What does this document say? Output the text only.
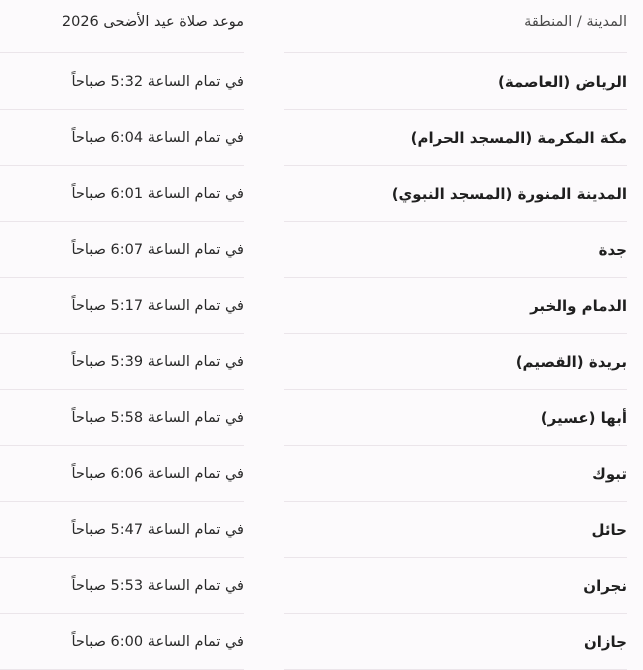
المدينة / المنطقة
موعد صلاة عيد الأضحى 2026
الرياض (العاصمة)
في تمام الساعة 5:32 صباحاً
مكة المكرمة (المسجد الحرام)
في تمام الساعة 6:04 صباحاً
المدينة المنورة (المسجد النبوي)
في تمام الساعة 6:01 صباحاً
جدة
في تمام الساعة 6:07 صباحاً
الدمام والخبر
في تمام الساعة 5:17 صباحاً
بريدة (القصيم)
في تمام الساعة 5:39 صباحاً
أبها (عسير)
في تمام الساعة 5:58 صباحاً
تبوك
في تمام الساعة 6:06 صباحاً
حائل
في تمام الساعة 5:47 صباحاً
نجران
في تمام الساعة 5:53 صباحاً
جازان
في تمام الساعة 6:00 صباحاً
